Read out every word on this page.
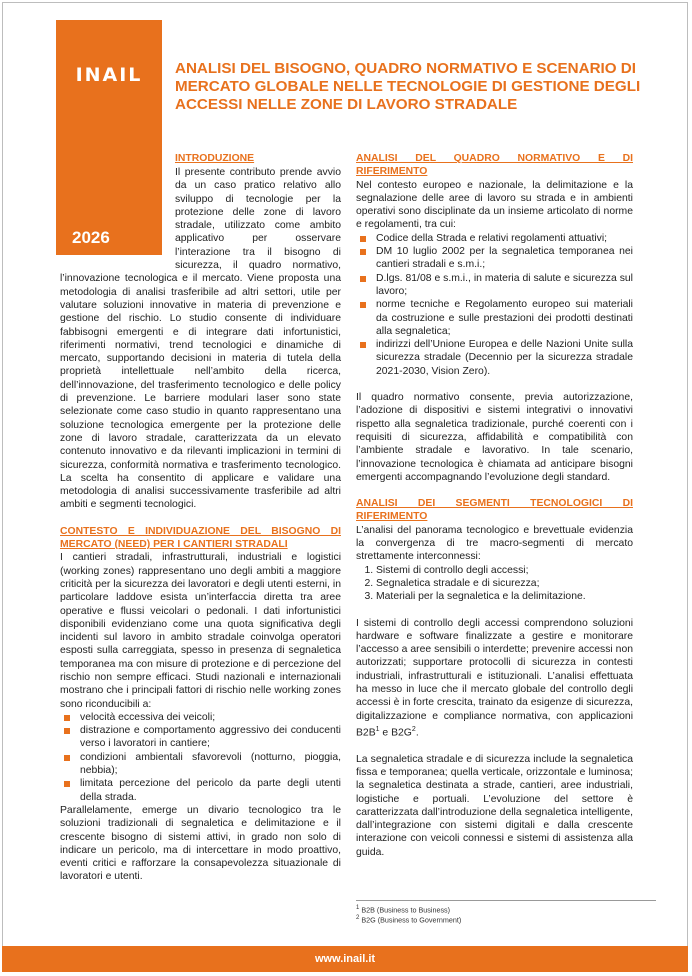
INAIL
2026
ANALISI DEL BISOGNO, QUADRO NORMATIVO E SCENARIO DI MERCATO GLOBALE NELLE TECNOLOGIE DI GESTIONE DEGLI ACCESSI NELLE ZONE DI LAVORO STRADALE

INTRODUZIONE

Il presente contributo prende avvio da un caso pratico relativo allo sviluppo di tecnologie per la protezione delle zone di lavoro stradale, utilizzato come ambito applicativo per osservare l’interazione tra il bisogno di sicurezza, il quadro normativo, l’innovazione tecnologica e il mercato. Viene proposta una metodologia di analisi trasferibile ad altri settori, utile per valutare soluzioni innovative in materia di prevenzione e gestione del rischio. Lo studio consente di individuare fabbisogni emergenti e di integrare dati infortunistici, riferimenti normativi, trend tecnologici e dinamiche di mercato, supportando decisioni in materia di tutela della proprietà intellettuale nell’ambito della ricerca, dell’innovazione, del trasferimento tecnologico e delle policy di prevenzione. Le barriere modulari laser sono state selezionate come caso studio in quanto rappresentano una soluzione tecnologica emergente per la protezione delle zone di lavoro stradale, caratterizzata da un elevato contenuto innovativo e da rilevanti implicazioni in termini di sicurezza, conformità normativa e trasferimento tecnologico. La scelta ha consentito di applicare e validare una metodologia di analisi successivamente trasferibile ad altri ambiti e segmenti tecnologici.

CONTESTO E INDIVIDUAZIONE DEL BISOGNO DI MERCATO (NEED) PER I CANTIERI STRADALI

I cantieri stradali, infrastrutturali, industriali e logistici (working zones) rappresentano uno degli ambiti a maggiore criticità per la sicurezza dei lavoratori e degli utenti esterni, in particolare laddove esista un’interfaccia diretta tra aree operative e flussi veicolari o pedonali. I dati infortunistici disponibili evidenziano come una quota significativa degli incidenti sul lavoro in ambito stradale coinvolga operatori esposti sulla carreggiata, spesso in presenza di segnaletica temporanea ma con misure di protezione e di percezione del rischio non sempre efficaci. Studi nazionali e internazionali mostrano che i principali fattori di rischio nelle working zones sono riconducibili a:

velocità eccessiva dei veicoli;
distrazione e comportamento aggressivo dei conducenti verso i lavoratori in cantiere;
condizioni ambientali sfavorevoli (notturno, pioggia, nebbia);
limitata percezione del pericolo da parte degli utenti della strada.

Parallelamente, emerge un divario tecnologico tra le soluzioni tradizionali di segnaletica e delimitazione e il crescente bisogno di sistemi attivi, in grado non solo di indicare un pericolo, ma di intercettare in modo proattivo, eventi critici e rafforzare la consapevolezza situazionale di lavoratori e utenti.

ANALISI DEL QUADRO NORMATIVO E DI RIFERIMENTO

Nel contesto europeo e nazionale, la delimitazione e la segnalazione delle aree di lavoro su strada e in ambienti operativi sono disciplinate da un insieme articolato di norme e regolamenti, tra cui:

Codice della Strada e relativi regolamenti attuativi;
DM 10 luglio 2002 per la segnaletica temporanea nei cantieri stradali e s.m.i.;
D.lgs. 81/08 e s.m.i., in materia di salute e sicurezza sul lavoro;
norme tecniche e Regolamento europeo sui materiali da costruzione e sulle prestazioni dei prodotti destinati alla segnaletica;
indirizzi dell’Unione Europea e delle Nazioni Unite sulla sicurezza stradale (Decennio per la sicurezza stradale 2021-2030, Vision Zero).

Il quadro normativo consente, previa autorizzazione, l’adozione di dispositivi e sistemi integrativi o innovativi rispetto alla segnaletica tradizionale, purché coerenti con i requisiti di sicurezza, affidabilità e compatibilità con l’ambiente stradale e lavorativo. In tale scenario, l’innovazione tecnologica è chiamata ad anticipare bisogni emergenti accompagnando l’evoluzione degli standard.

ANALISI DEI SEGMENTI TECNOLOGICI DI RIFERIMENTO

L’analisi del panorama tecnologico e brevettuale evidenzia la convergenza di tre macro-segmenti di mercato strettamente interconnessi:

1. Sistemi di controllo degli accessi;
2. Segnaletica stradale e di sicurezza;
3. Materiali per la segnaletica e la delimitazione.

I sistemi di controllo degli accessi comprendono soluzioni hardware e software finalizzate a gestire e monitorare l’accesso a aree sensibili o interdette; prevenire accessi non autorizzati; supportare protocolli di sicurezza in contesti industriali, infrastrutturali e istituzionali. L’analisi effettuata ha messo in luce che il mercato globale del controllo degli accessi è in forte crescita, trainato da esigenze di sicurezza, digitalizzazione e compliance normativa, con applicazioni $B2B^1$ e $B2G^2$.

La segnaletica stradale e di sicurezza include la segnaletica fissa e temporanea; quella verticale, orizzontale e luminosa; la segnaletica destinata a strade, cantieri, aree industriali, logistiche e portuali. L’evoluzione del settore è caratterizzata dall’introduzione della segnaletica intelligente, dall’integrazione con sistemi digitali e dalla crescente interazione con veicoli connessi e sistemi di assistenza alla guida.

$^1$ B2B (Business to Business)
$^2$ B2G (Business to Government)
www.inail.it
